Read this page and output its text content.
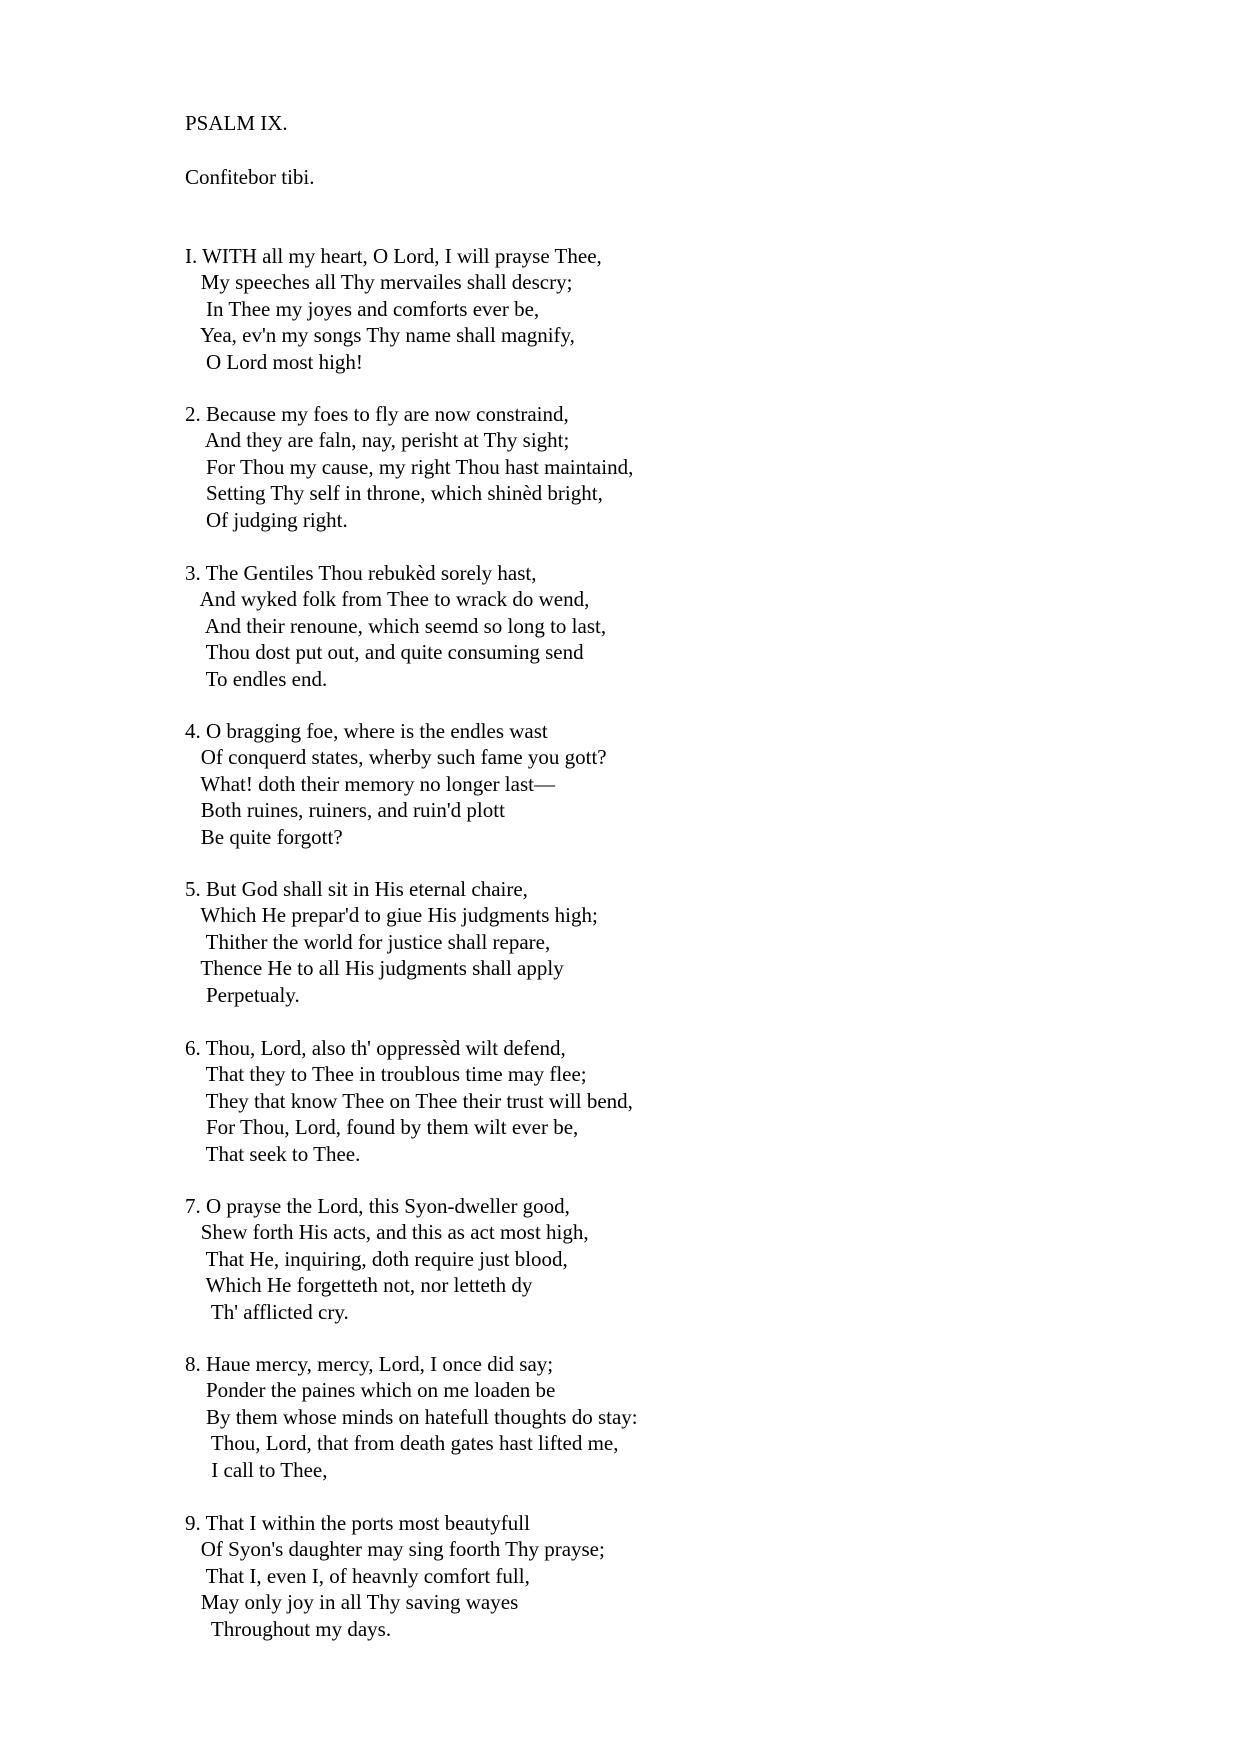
PSALM IX.
Confitebor tibi.
I. WITH all my heart, O Lord, I will prayse Thee,
My speeches all Thy mervailes shall descry;
In Thee my joyes and comforts ever be,
Yea, ev'n my songs Thy name shall magnify,
O Lord most high!
2. Because my foes to fly are now constraind,
And they are faln, nay, perisht at Thy sight;
For Thou my cause, my right Thou hast maintaind,
Setting Thy self in throne, which shinèd bright,
Of judging right.
3. The Gentiles Thou rebukèd sorely hast,
And wyked folk from Thee to wrack do wend,
And their renoune, which seemd so long to last,
Thou dost put out, and quite consuming send
To endles end.
4. O bragging foe, where is the endles wast
Of conquerd states, wherby such fame you gott?
What! doth their memory no longer last—
Both ruines, ruiners, and ruin'd plott
Be quite forgott?
5. But God shall sit in His eternal chaire,
Which He prepar'd to giue His judgments high;
Thither the world for justice shall repare,
Thence He to all His judgments shall apply
Perpetualy.
6. Thou, Lord, also th' oppressèd wilt defend,
That they to Thee in troublous time may flee;
They that know Thee on Thee their trust will bend,
For Thou, Lord, found by them wilt ever be,
That seek to Thee.
7. O prayse the Lord, this Syon-dweller good,
Shew forth His acts, and this as act most high,
That He, inquiring, doth require just blood,
Which He forgetteth not, nor letteth dy
Th' afflicted cry.
8. Haue mercy, mercy, Lord, I once did say;
Ponder the paines which on me loaden be
By them whose minds on hatefull thoughts do stay:
Thou, Lord, that from death gates hast lifted me,
I call to Thee,
9. That I within the ports most beautyfull
Of Syon's daughter may sing foorth Thy prayse;
That I, even I, of heavnly comfort full,
May only joy in all Thy saving wayes
Throughout my days.
